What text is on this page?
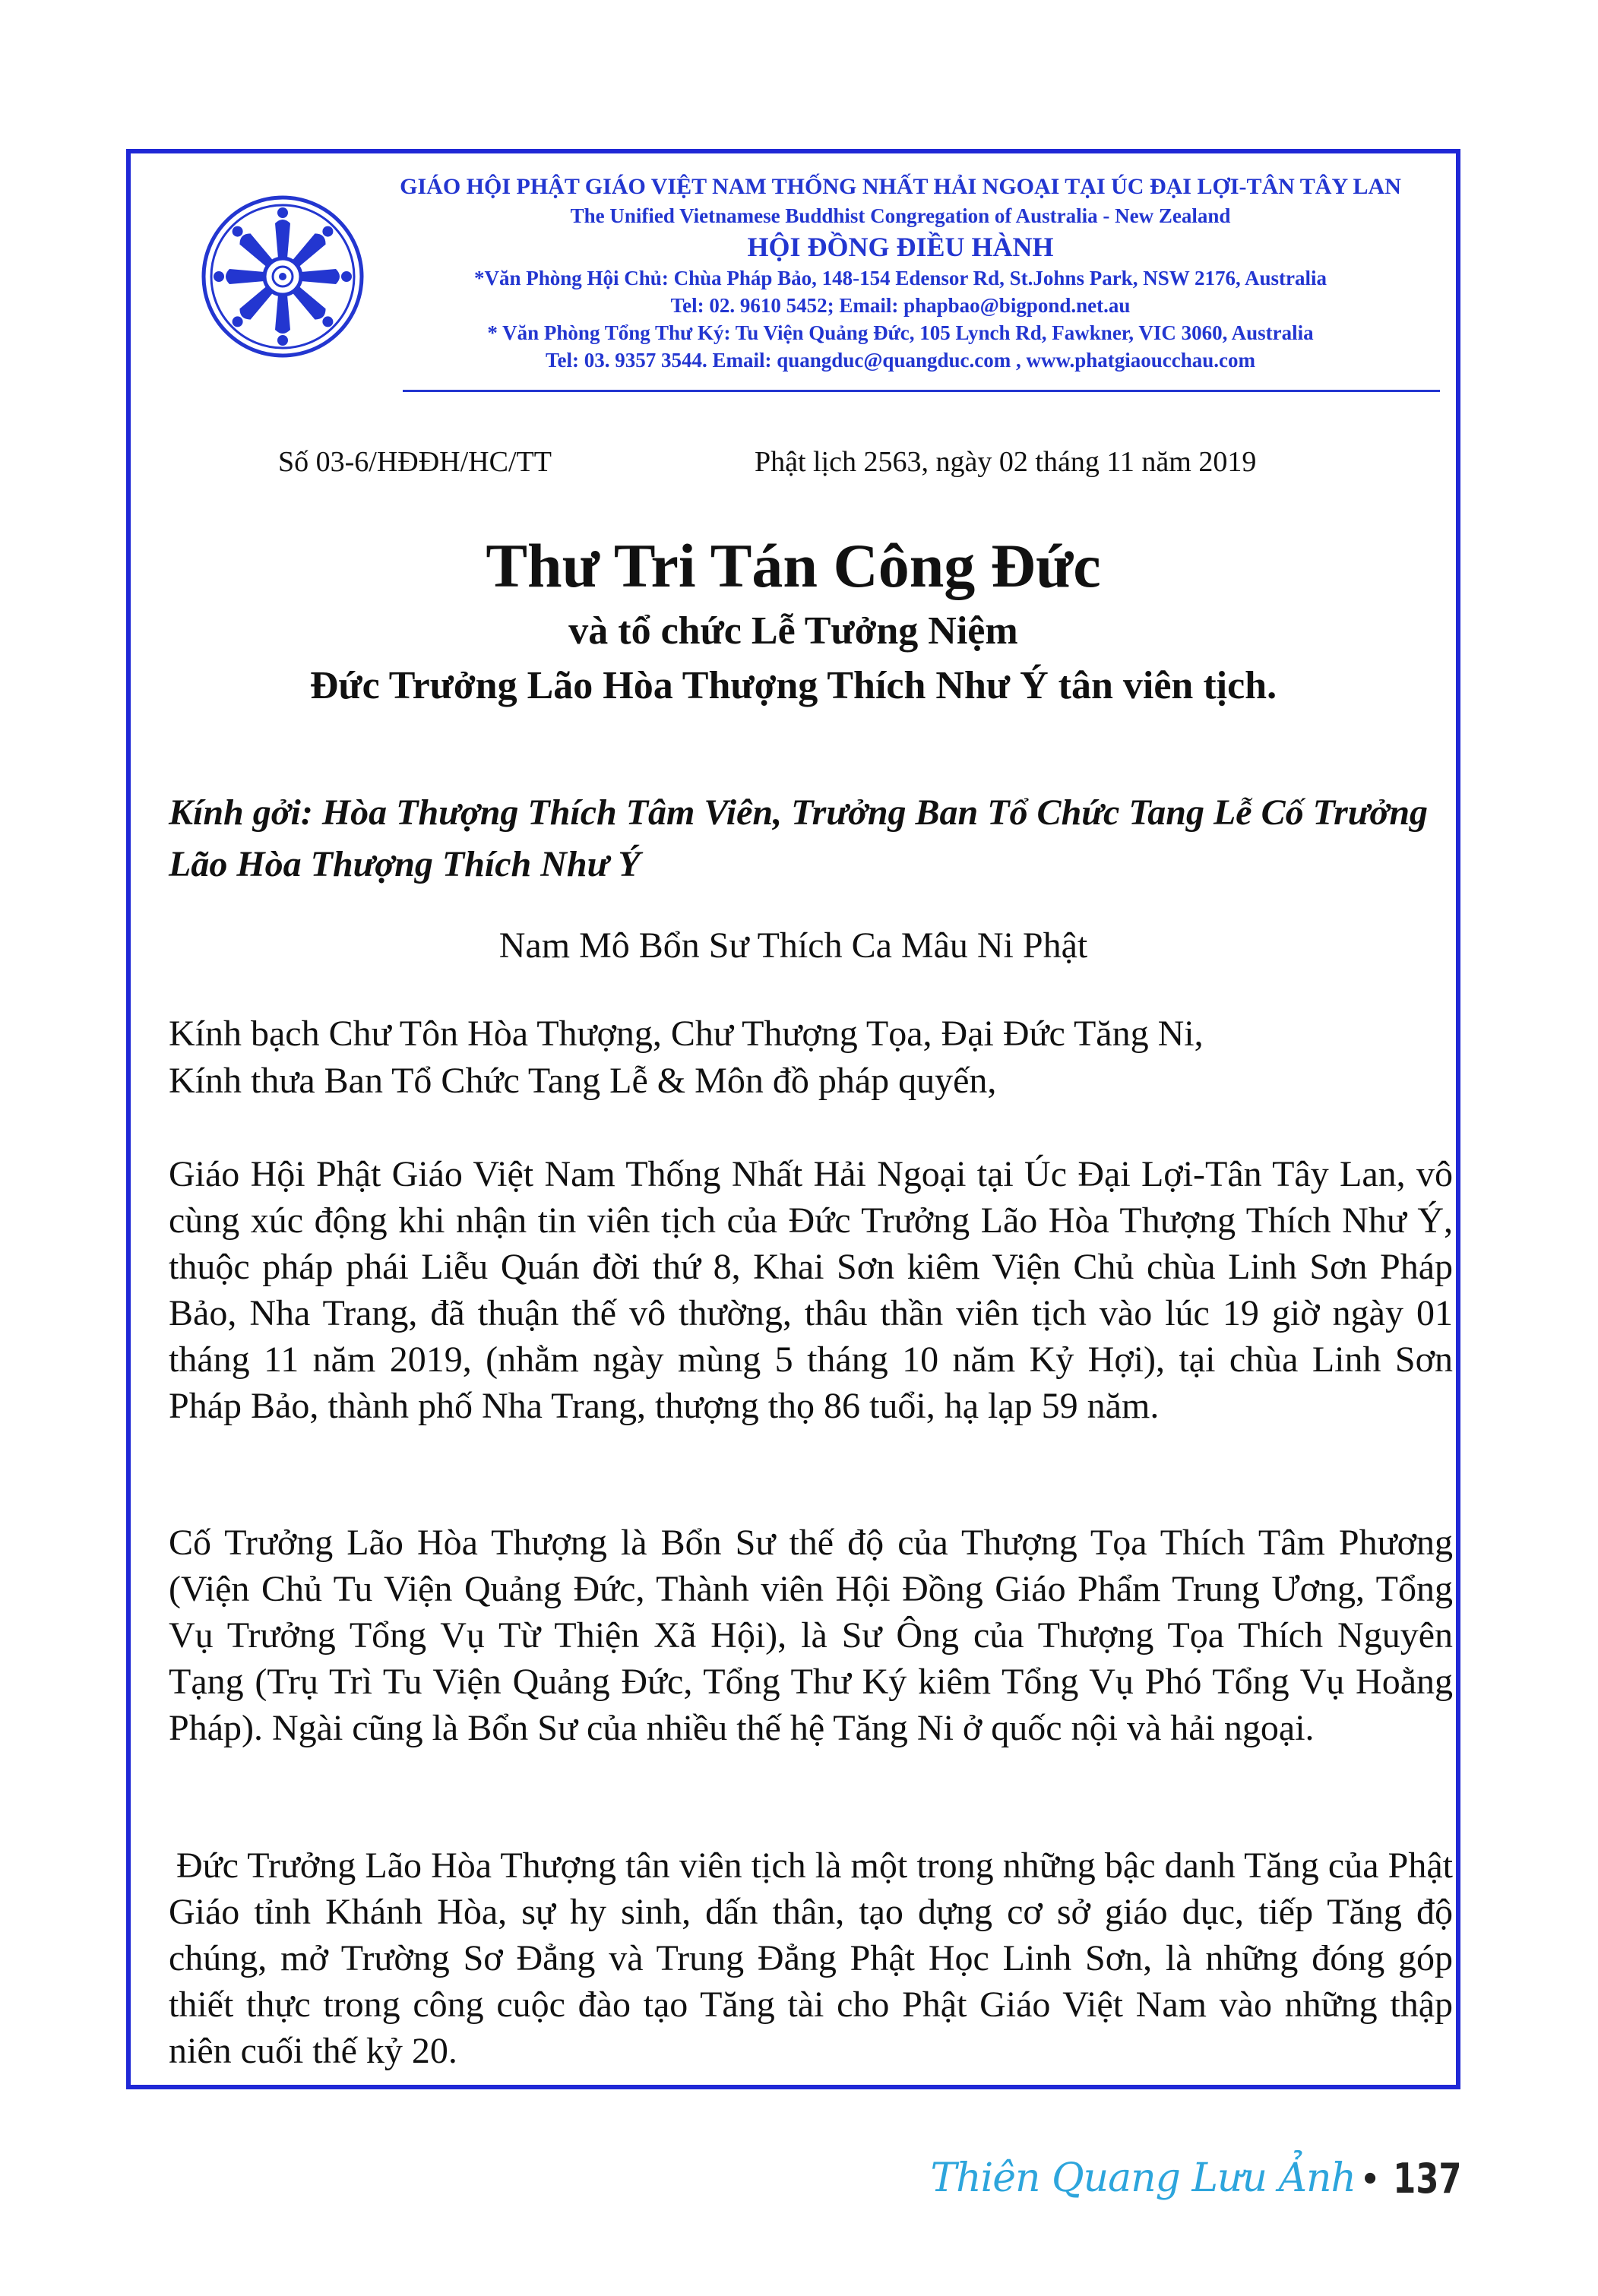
GIÁO HỘI PHẬT GIÁO VIỆT NAM THỐNG NHẤT HẢI NGOẠI TẠI ÚC ĐẠI LỢI-TÂN TÂY LAN
The Unified Vietnamese Buddhist Congregation of Australia - New Zealand
HỘI ĐỒNG ĐIỀU HÀNH
*Văn Phòng Hội Chủ: Chùa Pháp Bảo, 148-154 Edensor Rd, St.Johns Park, NSW 2176, Australia
Tel: 02. 9610 5452; Email: phapbao@bigpond.net.au
* Văn Phòng Tổng Thư Ký: Tu Viện Quảng Đức, 105 Lynch Rd, Fawkner, VIC 3060, Australia
Tel: 03. 9357 3544. Email: quangduc@quangduc.com , www.phatgiaoucchau.com
Số 03-6/HĐĐH/HC/TT	Phật lịch 2563, ngày 02 tháng 11 năm 2019
Thư Tri Tán Công Đức
và tổ chức Lễ Tưởng Niệm
Đức Trưởng Lão Hòa Thượng Thích Như Ý tân viên tịch.
Kính gởi: Hòa Thượng Thích Tâm Viên, Trưởng Ban Tổ Chức Tang Lễ Cố Trưởng Lão Hòa Thượng Thích Như Ý
Nam Mô Bổn Sư Thích Ca Mâu Ni Phật
Kính bạch Chư Tôn Hòa Thượng, Chư Thượng Tọa, Đại Đức Tăng Ni,
Kính thưa Ban Tổ Chức Tang Lễ & Môn đồ pháp quyến,
Giáo Hội Phật Giáo Việt Nam Thống Nhất Hải Ngoại tại Úc Đại Lợi-Tân Tây Lan, vô cùng xúc động khi nhận tin viên tịch của Đức Trưởng Lão Hòa Thượng Thích Như Ý, thuộc pháp phái Liễu Quán đời thứ 8, Khai Sơn kiêm Viện Chủ chùa Linh Sơn Pháp Bảo, Nha Trang, đã thuận thế vô thường, thâu thần viên tịch vào lúc 19 giờ ngày 01 tháng 11 năm 2019, (nhằm ngày mùng 5 tháng 10 năm Kỷ Hợi), tại chùa Linh Sơn Pháp Bảo, thành phố Nha Trang, thượng thọ 86 tuổi, hạ lạp 59 năm.
Cố Trưởng Lão Hòa Thượng là Bổn Sư thế độ của Thượng Tọa Thích Tâm Phương (Viện Chủ Tu Viện Quảng Đức, Thành viên Hội Đồng Giáo Phẩm Trung Ương, Tổng Vụ Trưởng Tổng Vụ Từ Thiện Xã Hội), là Sư Ông của Thượng Tọa Thích Nguyên Tạng (Trụ Trì Tu Viện Quảng Đức, Tổng Thư Ký kiêm Tổng Vụ Phó Tổng Vụ Hoằng Pháp). Ngài cũng là Bổn Sư của nhiều thế hệ Tăng Ni ở quốc nội và hải ngoại.
Đức Trưởng Lão Hòa Thượng tân viên tịch là một trong những bậc danh Tăng của Phật Giáo tỉnh Khánh Hòa, sự hy sinh, dấn thân, tạo dựng cơ sở giáo dục, tiếp Tăng độ chúng, mở Trường Sơ Đẳng và Trung Đẳng Phật Học Linh Sơn, là những đóng góp thiết thực trong công cuộc đào tạo Tăng tài cho Phật Giáo Việt Nam vào những thập niên cuối thế kỷ 20.
Thiên Quang Lưu Ảnh • 137
